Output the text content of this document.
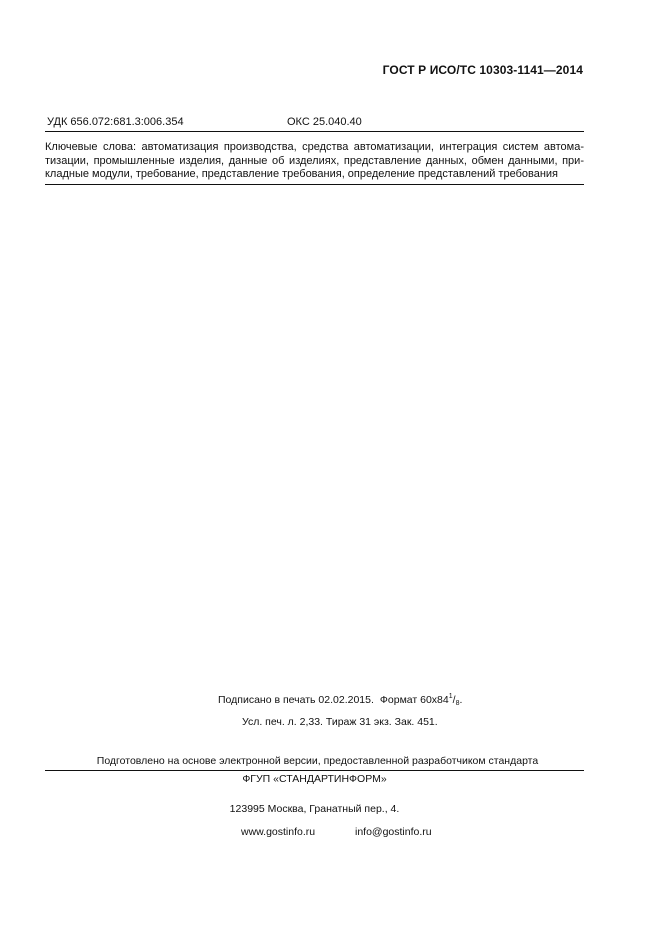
ГОСТ Р ИСО/ТС 10303-1141—2014
УДК 656.072:681.3:006.354	ОКС 25.040.40
Ключевые слова: автоматизация производства, средства автоматизации, интеграция систем автома-
тизации, промышленные изделия, данные об изделиях, представление данных, обмен данными, при-
кладные модули, требование, представление требования, определение представлений требования
Подписано в печать 02.02.2015. Формат $60x84^1/_8$.
Усл. печ. л. 2,33. Тираж 31 экз. Зак. 451.
Подготовлено на основе электронной версии, предоставленной разработчиком стандарта
ФГУП «СТАНДАРТИНФОРМ»
123995 Москва, Гранатный пер., 4.
www.gostinfo.ru	info@gostinfo.ru
